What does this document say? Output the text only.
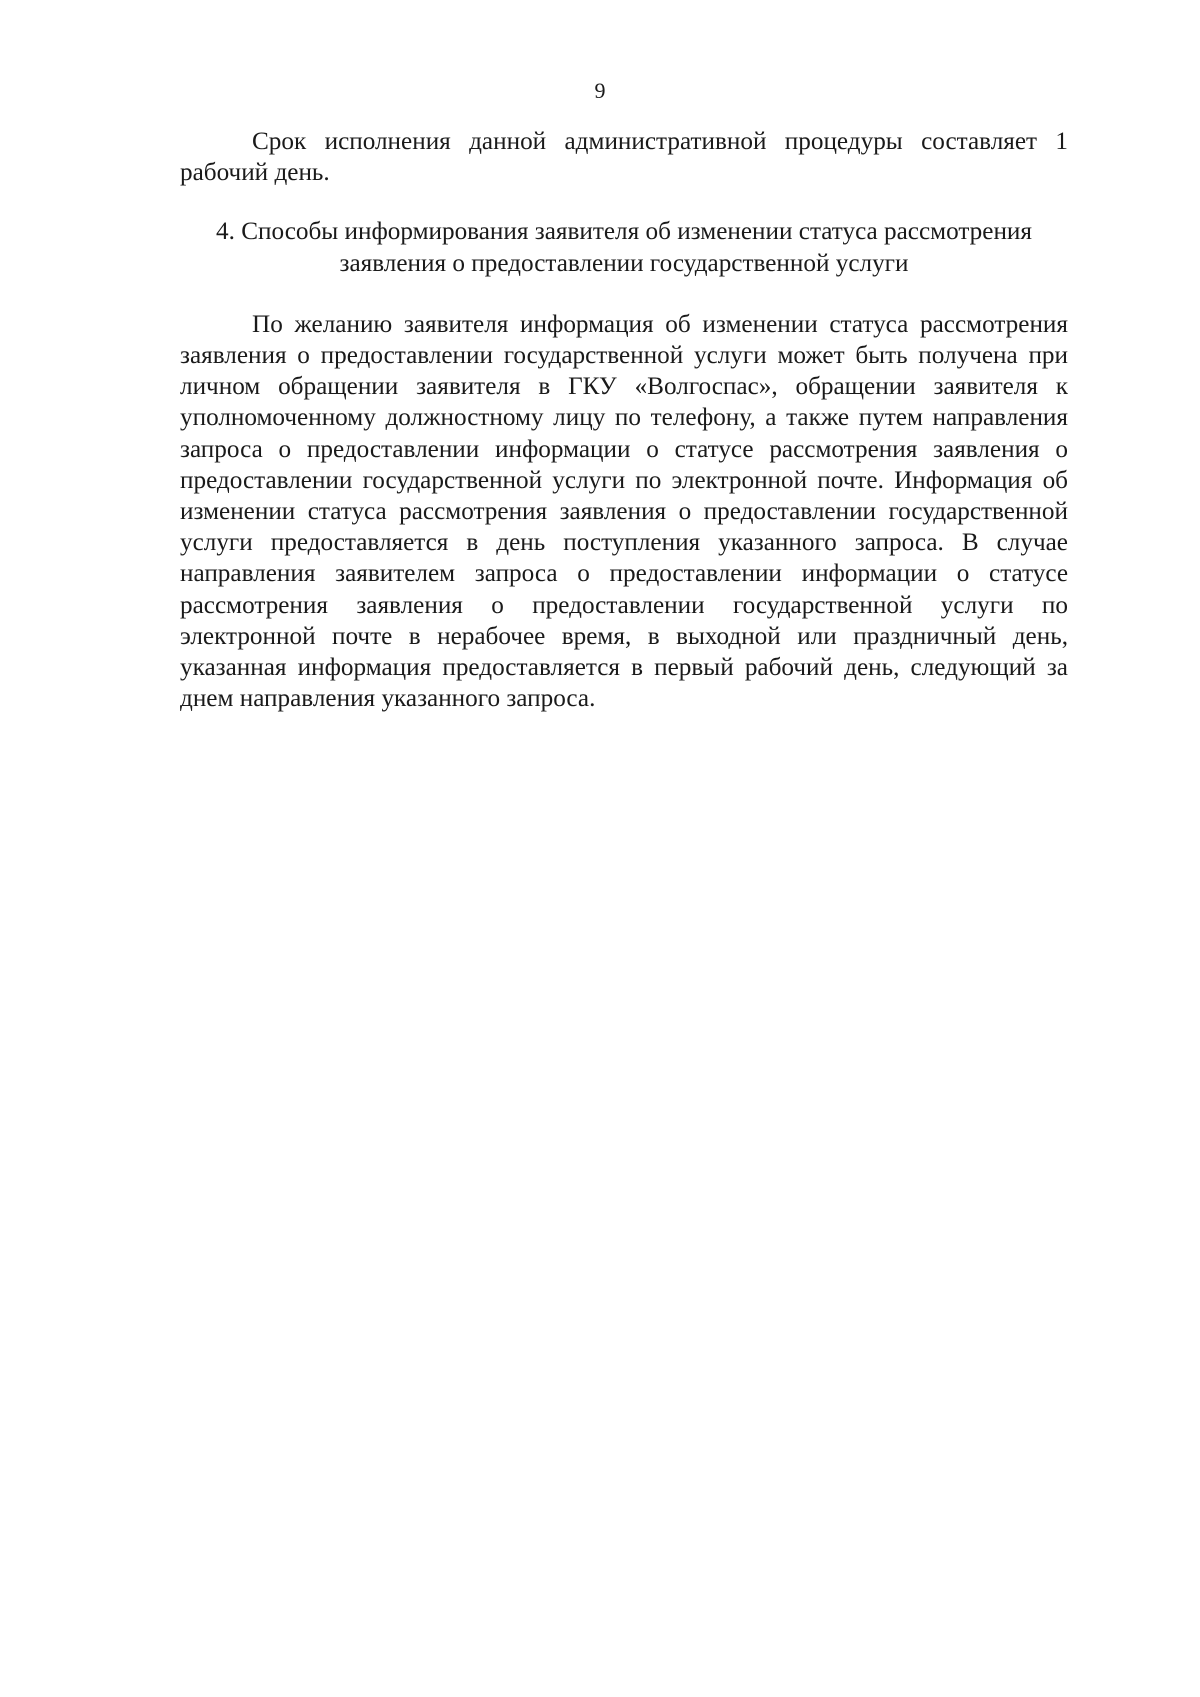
9

Срок исполнения данной административной процедуры составляет 1 рабочий день.

4. Способы информирования заявителя об изменении статуса рассмотрения
заявления о предоставлении государственной услуги

По желанию заявителя информация об изменении статуса рассмотрения заявления о предоставлении государственной услуги может быть получена при личном обращении заявителя в ГКУ «Волгоспас», обращении заявителя к уполномоченному должностному лицу по телефону, а также путем направления запроса о предоставлении информации о статусе рассмотрения заявления о предоставлении государственной услуги по электронной почте. Информация об изменении статуса рассмотрения заявления о предоставлении государственной услуги предоставляется в день поступления указанного запроса. В случае направления заявителем запроса о предоставлении информации о статусе рассмотрения заявления о предоставлении государственной услуги по электронной почте в нерабочее время, в выходной или праздничный день, указанная информация предоставляется в первый рабочий день, следующий за днем направления указанного запроса.
